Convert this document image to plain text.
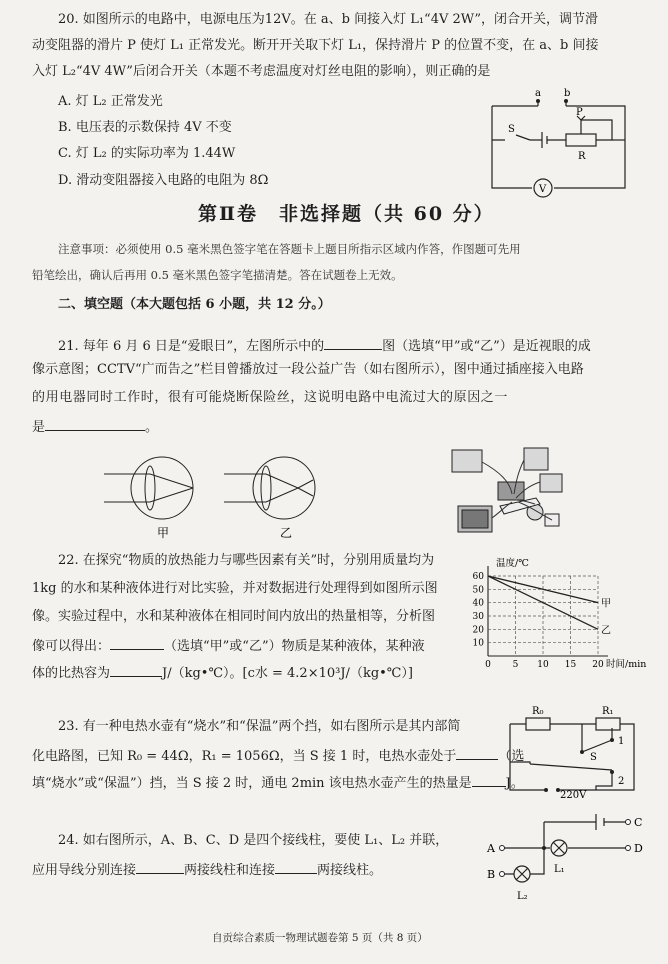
20. 如图所示的电路中，电源电压为12V。在 a、b 间接入灯 L₁“4V 2W”，闭合开关，调节滑
动变阻器的滑片 P 使灯 L₁ 正常发光。断开开关取下灯 L₁，保持滑片 P 的位置不变，在 a、b 间接
入灯 L₂“4V 4W”后闭合开关（本题不考虑温度对灯丝电阻的影响），则正确的是
A. 灯 L₂ 正常发光
B. 电压表的示数保持 4V 不变
C. 灯 L₂ 的实际功率为 1.44W
D. 滑动变阻器接入电路的电阻为 8Ω
a b
S
P
R
V
第Ⅱ卷　非选择题（共 60 分）
注意事项：必须使用 0.5 毫米黑色签字笔在答题卡上题目所指示区域内作答，作图题可先用
铅笔绘出，确认后再用 0.5 毫米黑色签字笔描清楚。答在试题卷上无效。
二、填空题（本大题包括 6 小题，共 12 分。）
21. 每年 6 月 6 日是“爱眼日”，左图所示中的	图（选填“甲”或“乙”）是近视眼的成
像示意图；CCTV“广而告之”栏目曾播放过一段公益广告（如右图所示），图中通过插座接入电路
的用电器同时工作时，很有可能烧断保险丝，这说明电路中电流过大的原因之一
是	。
甲	乙
22. 在探究“物质的放热能力与哪些因素有关”时，分别用质量均为
1kg 的水和某种液体进行对比实验，并对数据进行处理得到如图所示图
像。实验过程中，水和某种液体在相同时间内放出的热量相等，分析图
像可以得出：	（选填“甲”或“乙”）物质是某种液体，某种液
体的比热容为	J/（kg•℃）。[c水 = 4.2×10³J/（kg•℃）]
温度/℃
时间/min
10
20
30
40
50
60
0 5 10 15 20
甲
乙
23. 有一种电热水壶有“烧水”和“保温”两个挡，如右图所示是其内部简
化电路图，已知 R₀ = 44Ω，R₁ = 1056Ω，当 S 接 1 时，电热水壶处于	（选
填“烧水”或“保温”）挡，当 S 接 2 时，通电 2min 该电热水壶产生的热量是	J。
R₀	R₁
S
1
2
220V
24. 如右图所示，A、B、C、D 是四个接线柱，要使 L₁、L₂ 并联，
应用导线分别连接	两接线柱和连接	两接线柱。
A
B
C
D
L₁
L₂
自贡综合素质一物理试题卷第 5 页（共 8 页）
